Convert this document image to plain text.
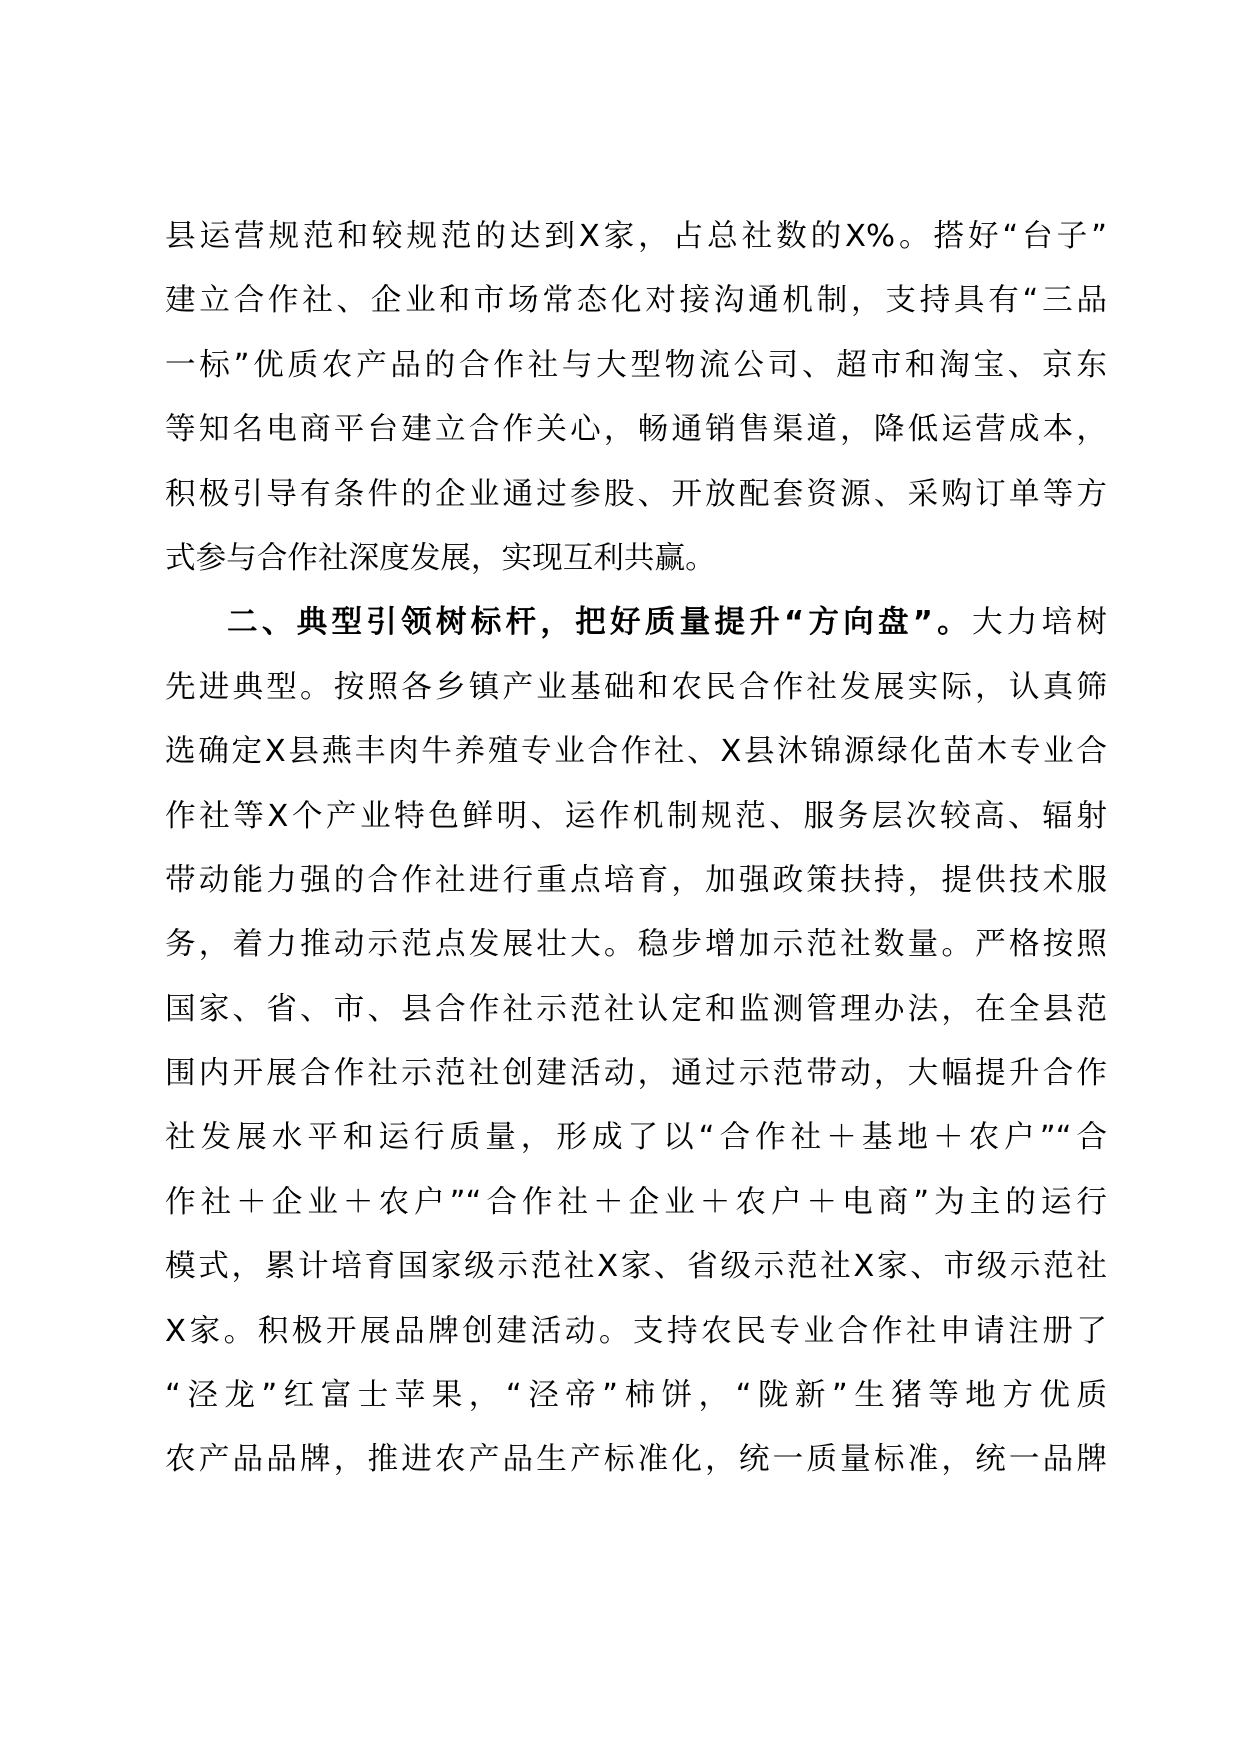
县运营规范和较规范的达到X家，占总社数的X%。搭好“台子”
建立合作社、企业和市场常态化对接沟通机制，支持具有“三品
一标”优质农产品的合作社与大型物流公司、超市和淘宝、京东
等知名电商平台建立合作关心，畅通销售渠道，降低运营成本，
积极引导有条件的企业通过参股、开放配套资源、采购订单等方
式参与合作社深度发展，实现互利共赢。
二、典型引领树标杆，把好质量提升“方向盘”。大力培树
先进典型。按照各乡镇产业基础和农民合作社发展实际，认真筛
选确定X县燕丰肉牛养殖专业合作社、X县沐锦源绿化苗木专业合
作社等X个产业特色鲜明、运作机制规范、服务层次较高、辐射
带动能力强的合作社进行重点培育，加强政策扶持，提供技术服
务，着力推动示范点发展壮大。稳步增加示范社数量。严格按照
国家、省、市、县合作社示范社认定和监测管理办法，在全县范
围内开展合作社示范社创建活动，通过示范带动，大幅提升合作
社发展水平和运行质量，形成了以“合作社＋基地＋农户”“合
作社＋企业＋农户”“合作社＋企业＋农户＋电商”为主的运行
模式，累计培育国家级示范社X家、省级示范社X家、市级示范社
X家。积极开展品牌创建活动。支持农民专业合作社申请注册了
“泾龙”红富士苹果，“泾帝”柿饼，“陇新”生猪等地方优质
农产品品牌，推进农产品生产标准化，统一质量标准，统一品牌
